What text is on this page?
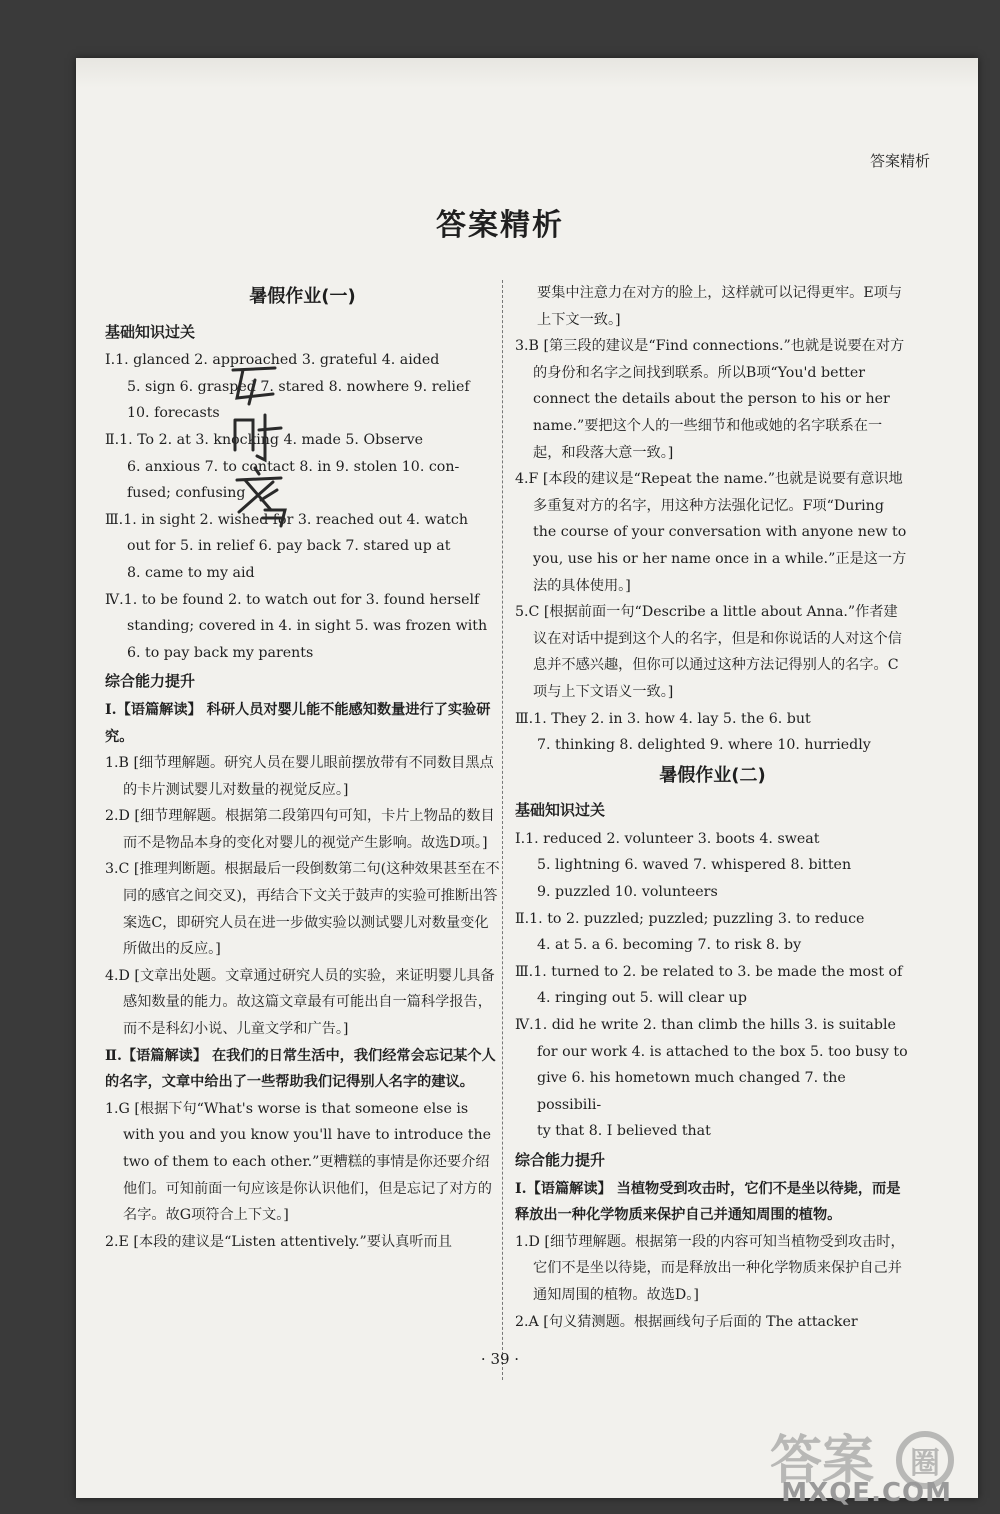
答案精析
答案精析
暑假作业(一)
基础知识过关
Ⅰ.1. glanced 2. approached 3. grateful 4. aided
5. sign 6. grasped 7. stared 8. nowhere 9. relief
10. forecasts
Ⅱ.1. To 2. at 3. knocking 4. made 5. Observe
6. anxious 7. to contact 8. in 9. stolen 10. con-
fused; confusing
Ⅲ.1. in sight 2. wished for 3. reached out 4. watch
out for 5. in relief 6. pay back 7. stared up at
8. came to my aid
Ⅳ.1. to be found 2. to watch out for 3. found herself
standing; covered in 4. in sight 5. was frozen with
6. to pay back my parents
综合能力提升
Ⅰ.【语篇解读】 科研人员对婴儿能不能感知数量进行了实验研究。
1.B [细节理解题。研究人员在婴儿眼前摆放带有不同数目黑点的卡片测试婴儿对数量的视觉反应。]
2.D [细节理解题。根据第二段第四句可知，卡片上物品的数目而不是物品本身的变化对婴儿的视觉产生影响。故选D项。]
3.C [推理判断题。根据最后一段倒数第二句(这种效果甚至在不同的感官之间交叉)，再结合下文关于鼓声的实验可推断出答案选C，即研究人员在进一步做实验以测试婴儿对数量变化所做出的反应。]
4.D [文章出处题。文章通过研究人员的实验，来证明婴儿具备感知数量的能力。故这篇文章最有可能出自一篇科学报告，而不是科幻小说、儿童文学和广告。]
Ⅱ.【语篇解读】 在我们的日常生活中，我们经常会忘记某个人的名字，文章中给出了一些帮助我们记得别人名字的建议。
1.G [根据下句“What's worse is that someone else is with you and you know you'll have to introduce the two of them to each other.”更糟糕的事情是你还要介绍他们。可知前面一句应该是你认识他们，但是忘记了对方的名字。故G项符合上下文。]
2.E [本段的建议是“Listen attentively.”要认真听而且
要集中注意力在对方的脸上，这样就可以记得更牢。E项与上下文一致。]
3.B [第三段的建议是“Find connections.”也就是说要在对方的身份和名字之间找到联系。所以B项“You'd better connect the details about the person to his or her name.”要把这个人的一些细节和他或她的名字联系在一起，和段落大意一致。]
4.F [本段的建议是“Repeat the name.”也就是说要有意识地多重复对方的名字，用这种方法强化记忆。F项“During the course of your conversation with anyone new to you, use his or her name once in a while.”正是这一方法的具体使用。]
5.C [根据前面一句“Describe a little about Anna.”作者建议在对话中提到这个人的名字，但是和你说话的人对这个信息并不感兴趣，但你可以通过这种方法记得别人的名字。C项与上下文语义一致。]
Ⅲ.1. They 2. in 3. how 4. lay 5. the 6. but
7. thinking 8. delighted 9. where 10. hurriedly
暑假作业(二)
基础知识过关
Ⅰ.1. reduced 2. volunteer 3. boots 4. sweat
5. lightning 6. waved 7. whispered 8. bitten
9. puzzled 10. volunteers
Ⅱ.1. to 2. puzzled; puzzled; puzzling 3. to reduce
4. at 5. a 6. becoming 7. to risk 8. by
Ⅲ.1. turned to 2. be related to 3. be made the most of
4. ringing out 5. will clear up
Ⅳ.1. did he write 2. than climb the hills 3. is suitable
for our work 4. is attached to the box 5. too busy to
give 6. his hometown much changed 7. the possibili-
ty that 8. I believed that
综合能力提升
Ⅰ.【语篇解读】 当植物受到攻击时，它们不是坐以待毙，而是释放出一种化学物质来保护自己并通知周围的植物。
1.D [细节理解题。根据第一段的内容可知当植物受到攻击时，它们不是坐以待毙，而是释放出一种化学物质来保护自己并通知周围的植物。故选D。]
2.A [句义猜测题。根据画线句子后面的 The attacker
· 39 ·
答案 圈
MXQE.COM
